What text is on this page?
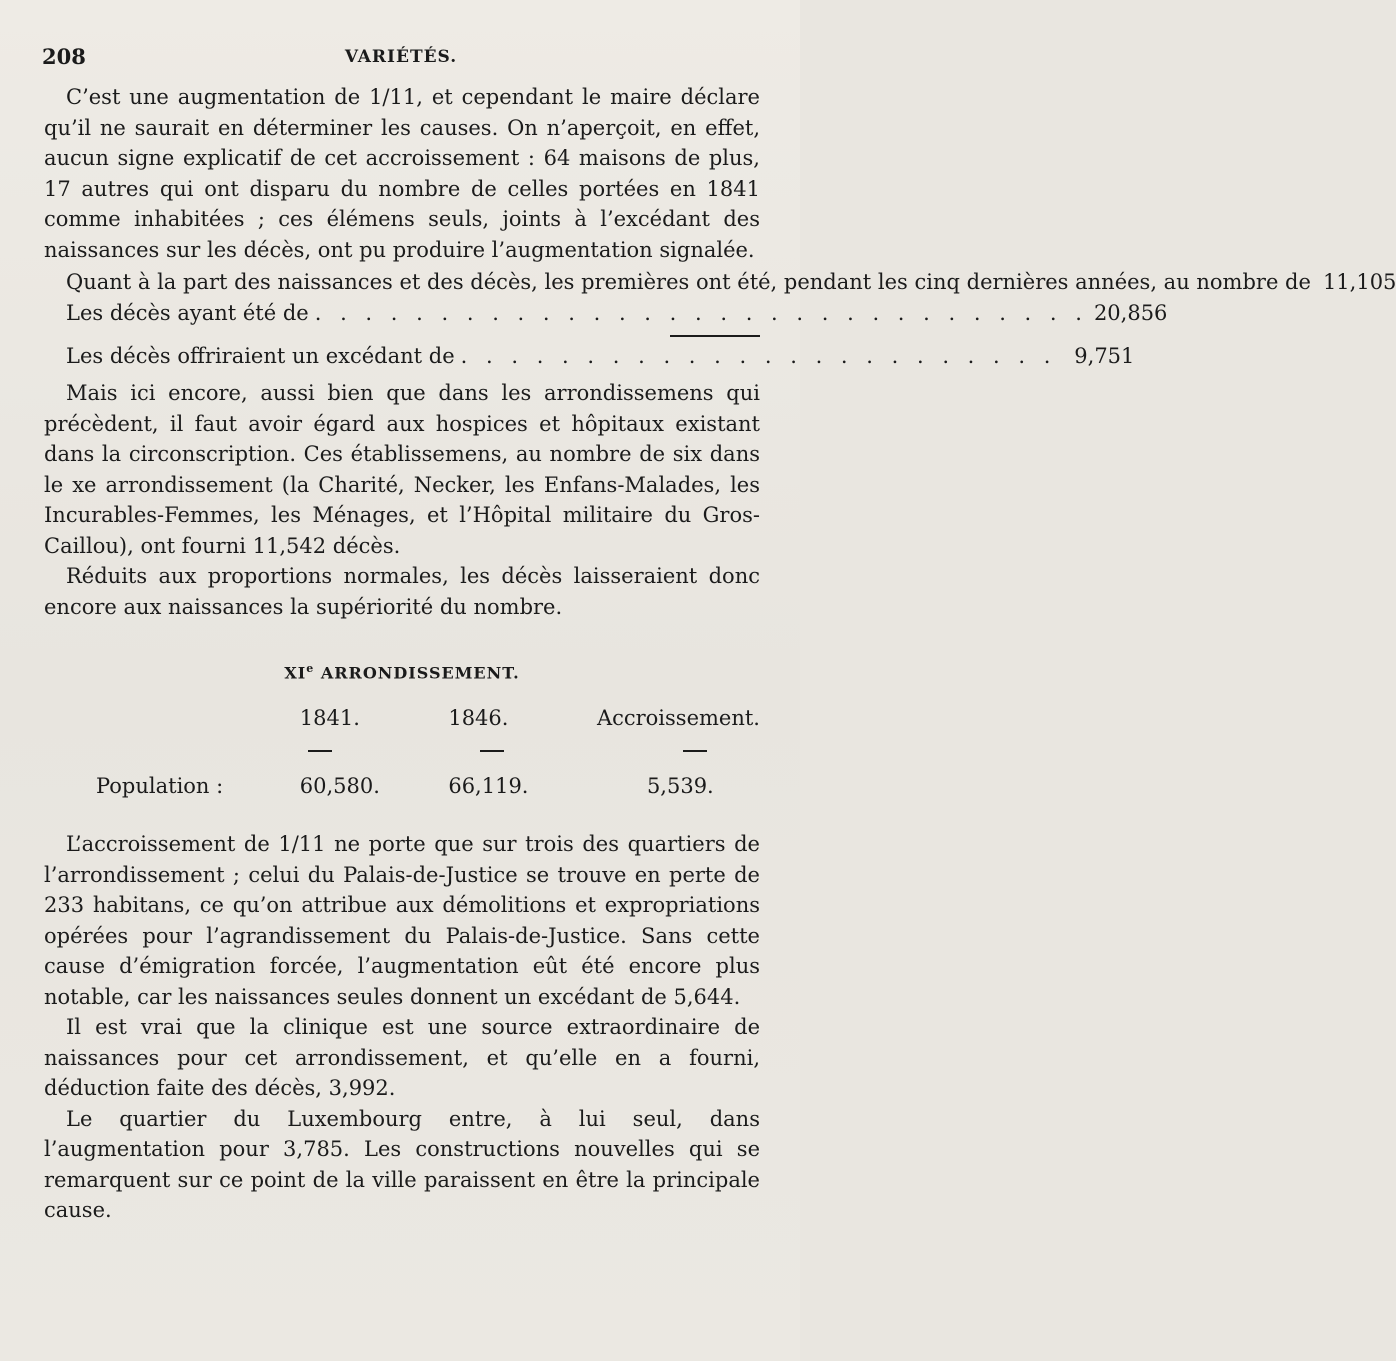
208	VARIÉTÉS.

C’est une augmentation de 1/11, et cependant le maire déclare qu’il ne saurait en déterminer les causes. On n’aperçoit, en effet, aucun signe explicatif de cet accroissement : 64 maisons de plus, 17 autres qui ont disparu du nombre de celles portées en 1841 comme inhabitées ; ces élémens seuls, joints à l’excédant des naissances sur les décès, ont pu produire l’augmentation signalée.

Quant à la part des naissances et des décès, les premières ont été, pendant les cinq dernières années, au nombre de 11,105
Les décès ayant été de . . . . . . . . . . . . . . . . . . . . . . . . . . . . . . . 20,856
Les décès offriraient un excédant de . . . . . . . . . . . . . . . . . . . . . . . . 9,751

Mais ici encore, aussi bien que dans les arrondissemens qui précèdent, il faut avoir égard aux hospices et hôpitaux existant dans la circonscription. Ces établissemens, au nombre de six dans le xe arrondissement (la Charité, Necker, les Enfans-Malades, les Incurables-Femmes, les Ménages, et l’Hôpital militaire du Gros-Caillou), ont fourni 11,542 décès.

Réduits aux proportions normales, les décès laisseraient donc encore aux naissances la supériorité du nombre.

XIe ARRONDISSEMENT.
	1841.	1846.	Accroissement.

Population :	60,580.	66,119.	5,539.

L’accroissement de 1/11 ne porte que sur trois des quartiers de l’arrondissement ; celui du Palais-de-Justice se trouve en perte de 233 habitans, ce qu’on attribue aux démolitions et expropriations opérées pour l’agrandissement du Palais-de-Justice. Sans cette cause d’émigration forcée, l’augmentation eût été encore plus notable, car les naissances seules donnent un excédant de 5,644.

Il est vrai que la clinique est une source extraordinaire de naissances pour cet arrondissement, et qu’elle en a fourni, déduction faite des décès, 3,992.

Le quartier du Luxembourg entre, à lui seul, dans l’augmentation pour 3,785. Les constructions nouvelles qui se remarquent sur ce point de la ville paraissent en être la principale cause.
